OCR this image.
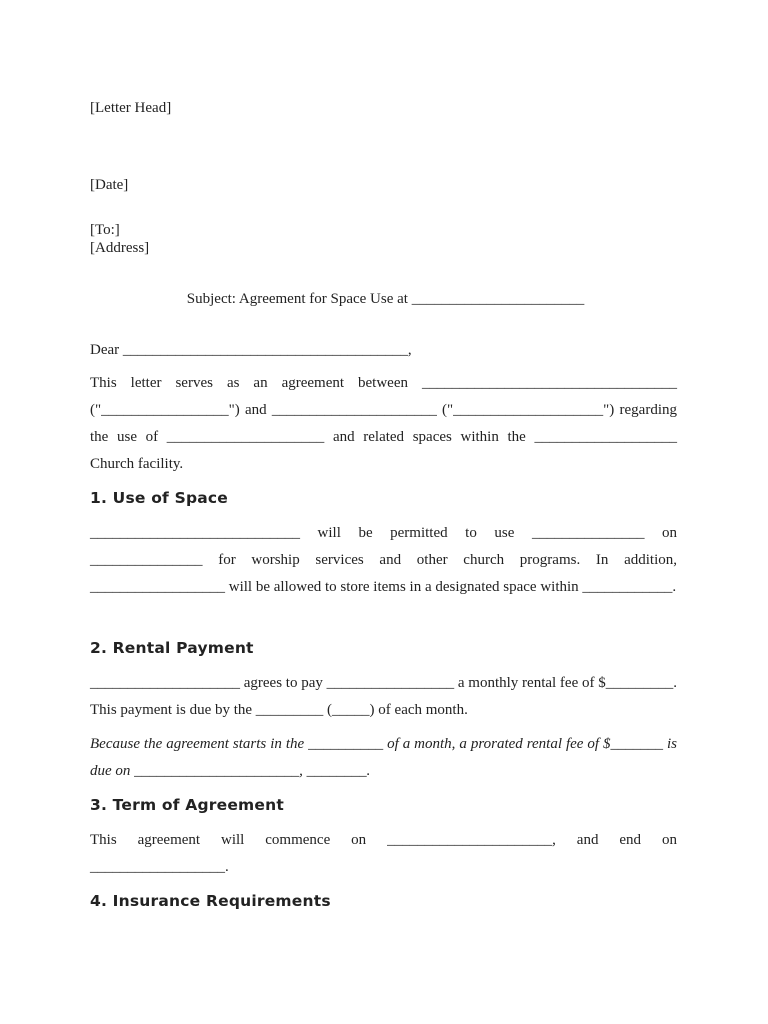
[Letter Head]
[Date]
[To:]
[Address]
Subject: Agreement for Space Use at _______________________
Dear ______________________________________,
This letter serves as an agreement between __________________________________ ("_________________") and ______________________ ("____________________") regarding the use of _____________________ and related spaces within the ___________________ Church facility.
1. Use of Space
____________________________ will be permitted to use _______________ on _______________ for worship services and other church programs. In addition, __________________ will be allowed to store items in a designated space within ____________.
2. Rental Payment
____________________ agrees to pay _________________ a monthly rental fee of $_________. This payment is due by the _________ (_____) of each month.
Because the agreement starts in the __________ of a month, a prorated rental fee of $_______ is due on ______________________, ________.
3. Term of Agreement
This agreement will commence on ______________________, and end on __________________.
4. Insurance Requirements
